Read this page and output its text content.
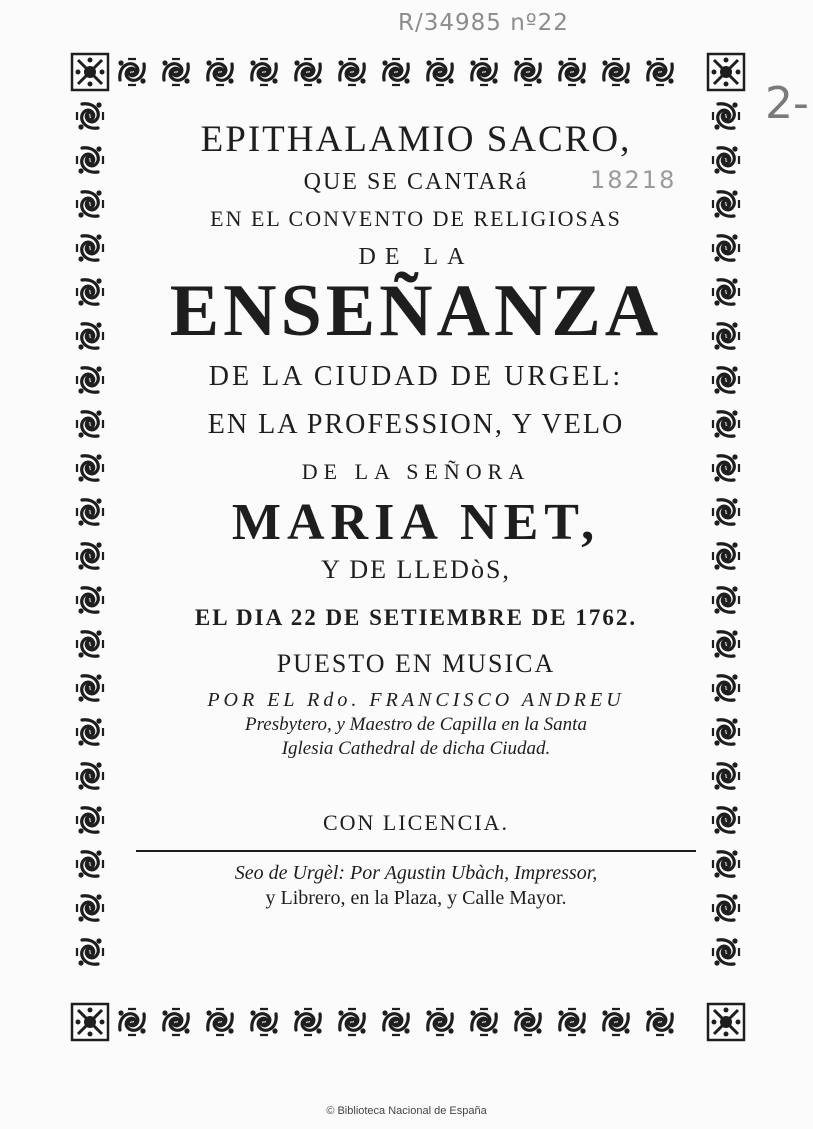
R/34985 nº22
2-
18218
EPITHALAMIO SACRO,
QUE SE CANTARá
EN EL CONVENTO DE RELIGIOSAS
DE LA
ENSEÑANZA
DE LA CIUDAD DE URGEL:
EN LA PROFESSION, Y VELO
DE LA SEÑORA
MARIA NET,
Y DE LLEDòS,
EL DIA 22 DE SETIEMBRE DE 1762.
PUESTO EN MUSICA
POR EL Rdo. FRANCISCO ANDREU
Presbytero, y Maestro de Capilla en la Santa
Iglesia Cathedral de dicha Ciudad.
CON LICENCIA.
Seo de Urgèl: Por Agustin Ubàch, Impressor,
y Librero, en la Plaza, y Calle Mayor.
© Biblioteca Nacional de España
